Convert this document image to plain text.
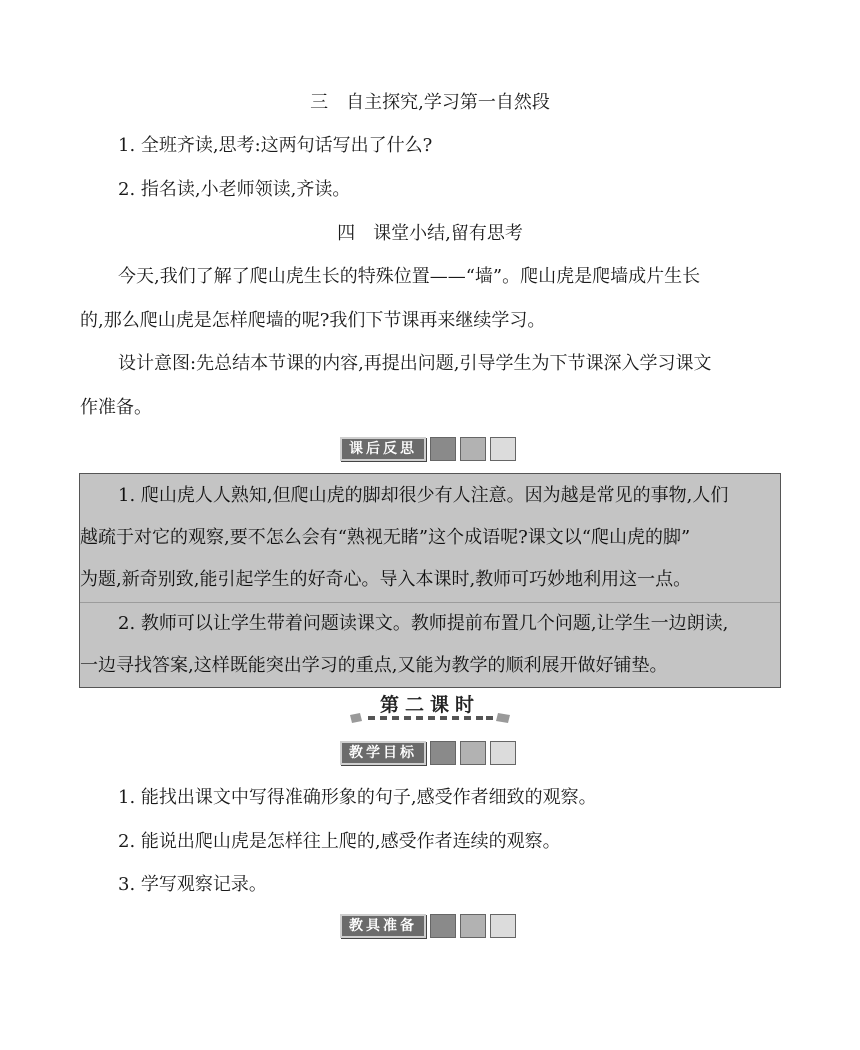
三　自主探究,学习第一自然段
1. 全班齐读,思考:这两句话写出了什么?
2. 指名读,小老师领读,齐读。
四　课堂小结,留有思考
今天,我们了解了爬山虎生长的特殊位置——“墙”。爬山虎是爬墙成片生长
的,那么爬山虎是怎样爬墙的呢?我们下节课再来继续学习。
设计意图:先总结本节课的内容,再提出问题,引导学生为下节课深入学习课文
作准备。
课后反思
1. 爬山虎人人熟知,但爬山虎的脚却很少有人注意。因为越是常见的事物,人们
越疏于对它的观察,要不怎么会有“熟视无睹”这个成语呢?课文以“爬山虎的脚”
为题,新奇别致,能引起学生的好奇心。导入本课时,教师可巧妙地利用这一点。
2. 教师可以让学生带着问题读课文。教师提前布置几个问题,让学生一边朗读,
一边寻找答案,这样既能突出学习的重点,又能为教学的顺利展开做好铺垫。
第二课时
教学目标
1. 能找出课文中写得准确形象的句子,感受作者细致的观察。
2. 能说出爬山虎是怎样往上爬的,感受作者连续的观察。
3. 学写观察记录。
教具准备
